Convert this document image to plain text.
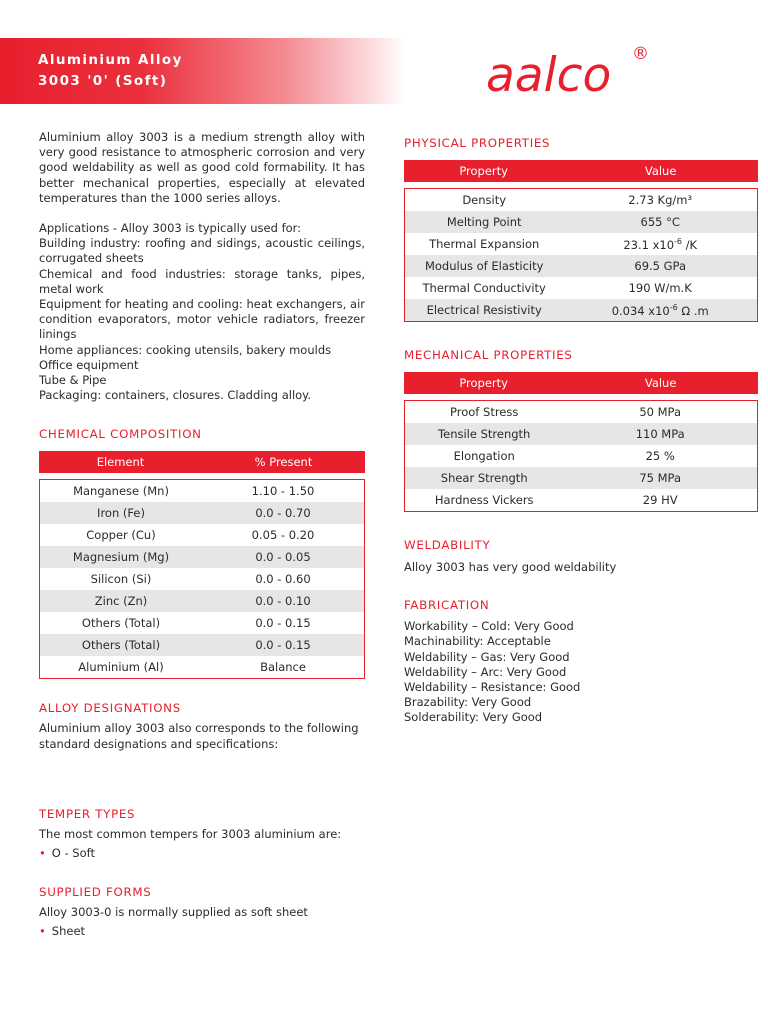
Aluminium Alloy
3003 '0' (Soft)	aalco ®

Aluminium alloy 3003 is a medium strength alloy with very good resistance to atmospheric corrosion and very good weldability as well as good cold formability. It has better mechanical properties, especially at elevated temperatures than the 1000 series alloys.

Applications - Alloy 3003 is typically used for:

Building industry: roofing and sidings, acoustic ceilings, corrugated sheets

Chemical and food industries: storage tanks, pipes, metal work

Equipment for heating and cooling: heat exchangers, air condition evaporators, motor vehicle radiators, freezer linings

Home appliances: cooking utensils, bakery moulds

Office equipment

Tube & Pipe

Packaging: containers, closures. Cladding alloy.

CHEMICAL COMPOSITION

Element	% Present
Manganese (Mn)	1.10 - 1.50
Iron (Fe)	0.0 - 0.70
Copper (Cu)	0.05 - 0.20
Magnesium (Mg)	0.0 - 0.05
Silicon (Si)	0.0 - 0.60
Zinc (Zn)	0.0 - 0.10
Others (Total)	0.0 - 0.15
Others (Total)	0.0 - 0.15
Aluminium (Al)	Balance

ALLOY DESIGNATIONS

Aluminium alloy 3003 also corresponds to the following standard designations and specifications:

TEMPER TYPES

The most common tempers for 3003 aluminium are:

• O - Soft

SUPPLIED FORMS

Alloy 3003-0 is normally supplied as soft sheet

• Sheet

PHYSICAL PROPERTIES

Property	Value
Density	2.73 Kg/m³
Melting Point	655 °C
Thermal Expansion	23.1 $x10^{-6}$ /K
Modulus of Elasticity	69.5 GPa
Thermal Conductivity	190 W/m.K
Electrical Resistivity	0.034 $x10^{-6}$ Ω .m

MECHANICAL PROPERTIES

Property	Value
Proof Stress	50 MPa
Tensile Strength	110 MPa
Elongation	25 %
Shear Strength	75 MPa
Hardness Vickers	29 HV

WELDABILITY

Alloy 3003 has very good weldability

FABRICATION

Workability – Cold: Very Good

Machinability: Acceptable

Weldability – Gas: Very Good

Weldability – Arc: Very Good

Weldability – Resistance: Good

Brazability: Very Good

Solderability: Very Good
